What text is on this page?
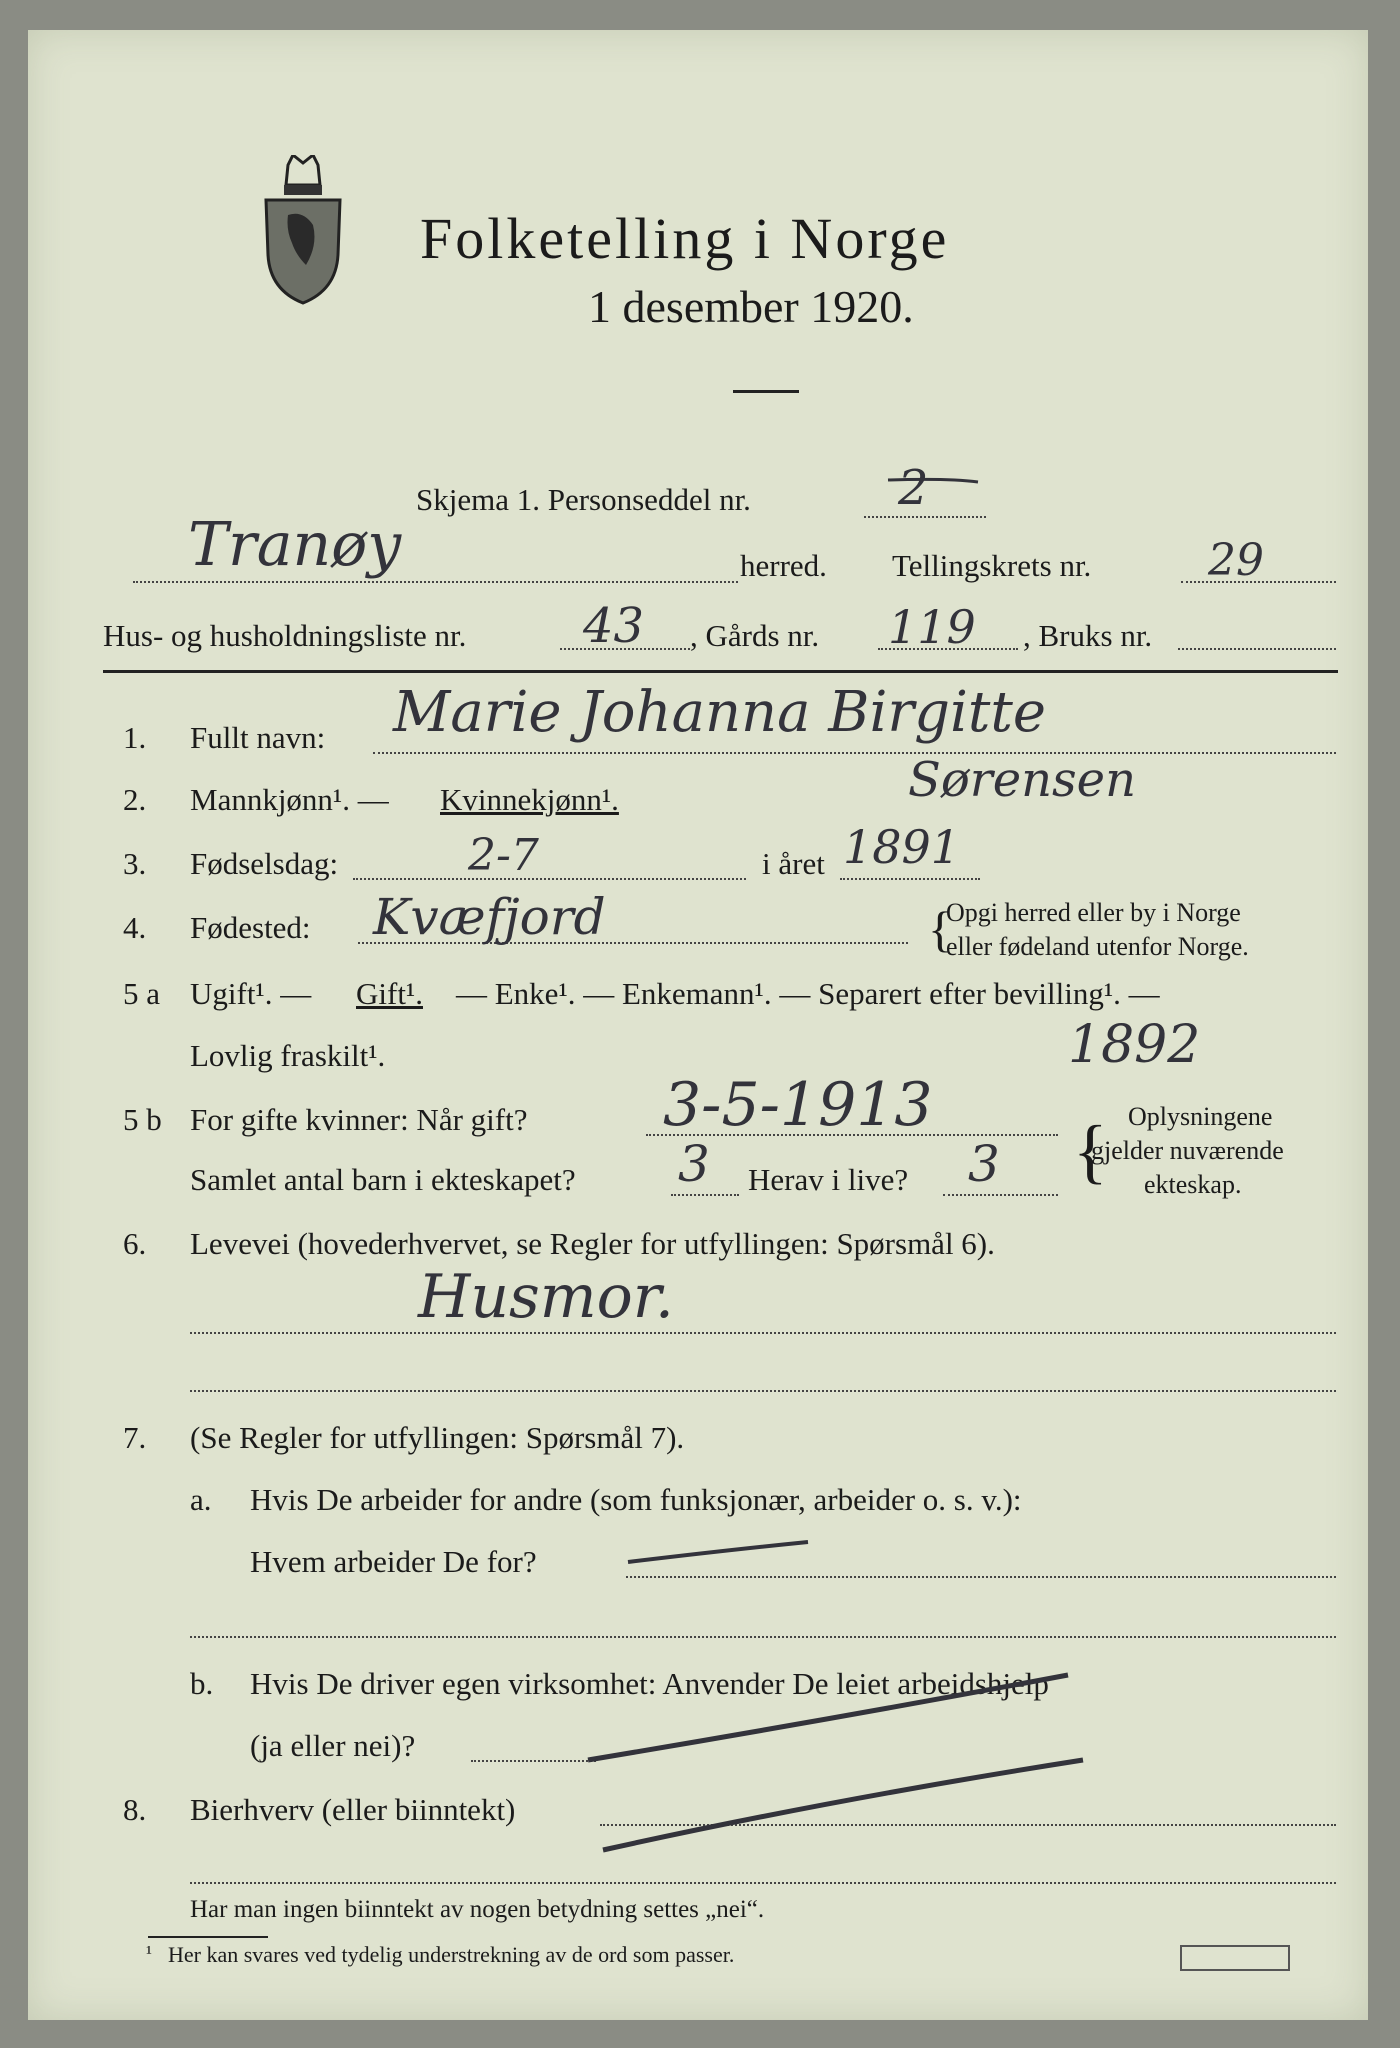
Folketelling i Norge
1 desember 1920.
Skjema 1. Personseddel nr.	2
Tranøy	herred. Tellingskrets nr.	29
Hus- og husholdningsliste nr. 43 , Gårds nr. 119 , Bruks nr.
1. Fullt navn: Marie Johanna Birgitte
Sørensen
2. Mannkjønn¹. — Kvinnekjønn¹.
3. Fødselsdag:	2-7	i året 1891
4. Fødested: Kvæfjord	Opgi herred eller by i Norge
eller fødeland utenfor Norge.
{
5 a Ugift¹. — Gift¹. — Enke¹. — Enkemann¹. — Separert efter bevilling¹. —
Lovlig fraskilt¹.
5 b For gifte kvinner: Når gift? 3-5-1913
1892
Samlet antal barn i ekteskapet? 3 Herav i live? 3 { Oplysningene
gjelder nuværende
ekteskap.
6. Levevei (hovederhvervet, se Regler for utfyllingen: Spørsmål 6).
Husmor.
7. (Se Regler for utfyllingen: Spørsmål 7).
a. Hvis De arbeider for andre (som funksjonær, arbeider o. s. v.):
Hvem arbeider De for?
b. Hvis De driver egen virksomhet: Anvender De leiet arbeidshjelp
(ja eller nei)?
8. Bierhverv (eller biinntekt)
Har man ingen biinntekt av nogen betydning settes „nei“.
¹ Her kan svares ved tydelig understrekning av de ord som passer.
